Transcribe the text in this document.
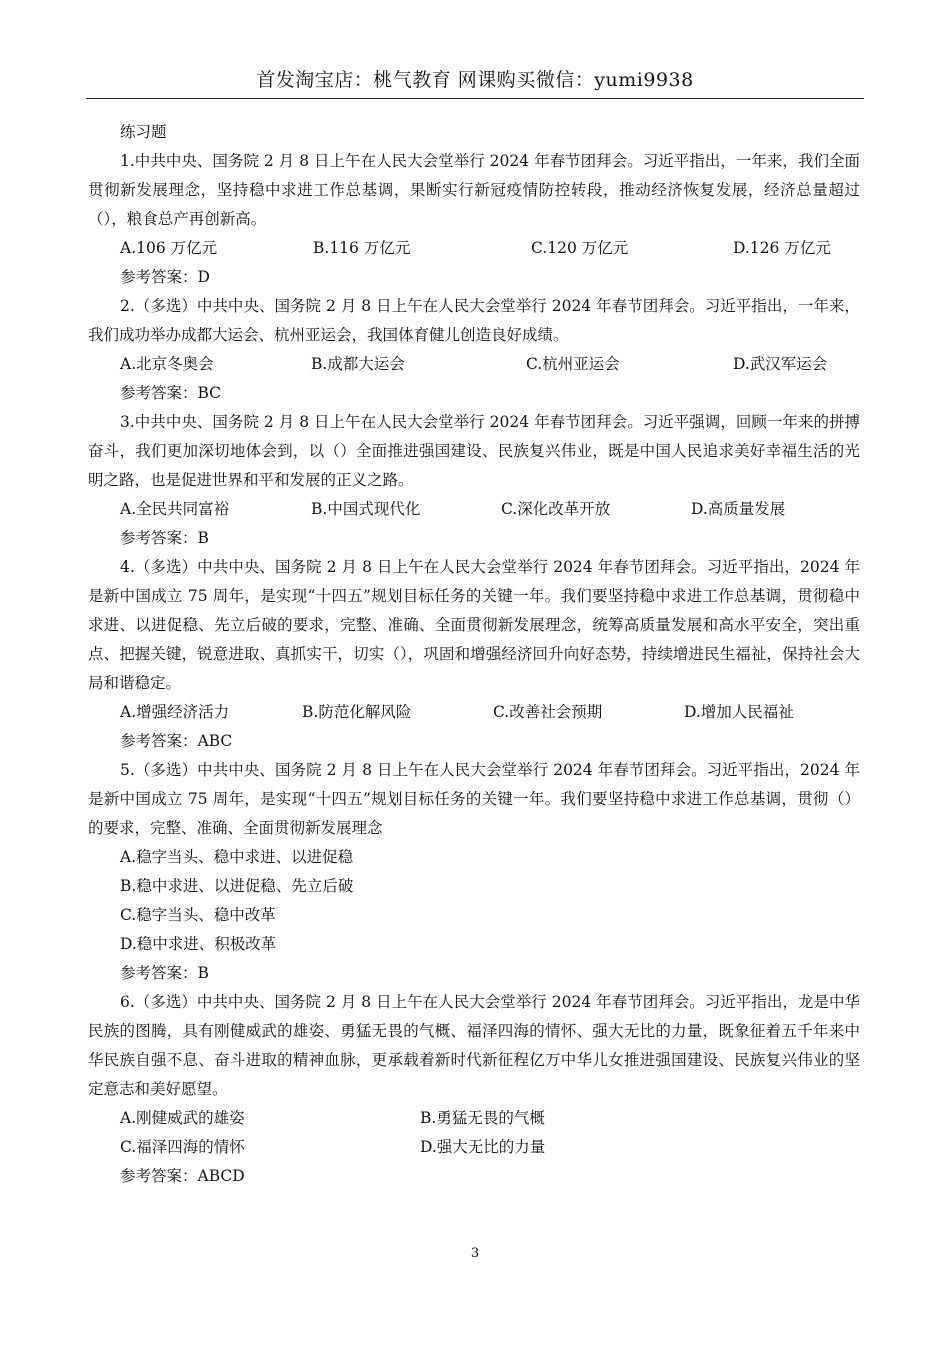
首发淘宝店：桃气教育 网课购买微信：yumi9938
练习题
1.中共中央、国务院 2 月 8 日上午在人民大会堂举行 2024 年春节团拜会。习近平指出，一年来，我们全面贯彻新发展理念，坚持稳中求进工作总基调，果断实行新冠疫情防控转段，推动经济恢复发展，经济总量超过（），粮食总产再创新高。
A.106 万亿元	B.116 万亿元	C.120 万亿元	D.126 万亿元
参考答案：D
2.（多选）中共中央、国务院 2 月 8 日上午在人民大会堂举行 2024 年春节团拜会。习近平指出，一年来，我们成功举办成都大运会、杭州亚运会，我国体育健儿创造良好成绩。
A.北京冬奥会	B.成都大运会	C.杭州亚运会	D.武汉军运会
参考答案：BC
3.中共中央、国务院 2 月 8 日上午在人民大会堂举行 2024 年春节团拜会。习近平强调，回顾一年来的拼搏奋斗，我们更加深切地体会到，以（）全面推进强国建设、民族复兴伟业，既是中国人民追求美好幸福生活的光明之路，也是促进世界和平和发展的正义之路。
A.全民共同富裕	B.中国式现代化	C.深化改革开放	D.高质量发展
参考答案：B
4.（多选）中共中央、国务院 2 月 8 日上午在人民大会堂举行 2024 年春节团拜会。习近平指出，2024 年是新中国成立 75 周年，是实现“十四五”规划目标任务的关键一年。我们要坚持稳中求进工作总基调，贯彻稳中求进、以进促稳、先立后破的要求，完整、准确、全面贯彻新发展理念，统筹高质量发展和高水平安全，突出重点、把握关键，锐意进取、真抓实干，切实（），巩固和增强经济回升向好态势，持续增进民生福祉，保持社会大局和谐稳定。
A.增强经济活力	B.防范化解风险	C.改善社会预期	D.增加人民福祉
参考答案：ABC
5.（多选）中共中央、国务院 2 月 8 日上午在人民大会堂举行 2024 年春节团拜会。习近平指出，2024 年是新中国成立 75 周年，是实现“十四五”规划目标任务的关键一年。我们要坚持稳中求进工作总基调，贯彻（）的要求，完整、准确、全面贯彻新发展理念
A.稳字当头、稳中求进、以进促稳
B.稳中求进、以进促稳、先立后破
C.稳字当头、稳中改革
D.稳中求进、积极改革
参考答案：B
6.（多选）中共中央、国务院 2 月 8 日上午在人民大会堂举行 2024 年春节团拜会。习近平指出，龙是中华民族的图腾，具有刚健威武的雄姿、勇猛无畏的气概、福泽四海的情怀、强大无比的力量，既象征着五千年来中华民族自强不息、奋斗进取的精神血脉，更承载着新时代新征程亿万中华儿女推进强国建设、民族复兴伟业的坚定意志和美好愿望。
A.刚健威武的雄姿	B.勇猛无畏的气概
C.福泽四海的情怀	D.强大无比的力量
参考答案：ABCD
3
